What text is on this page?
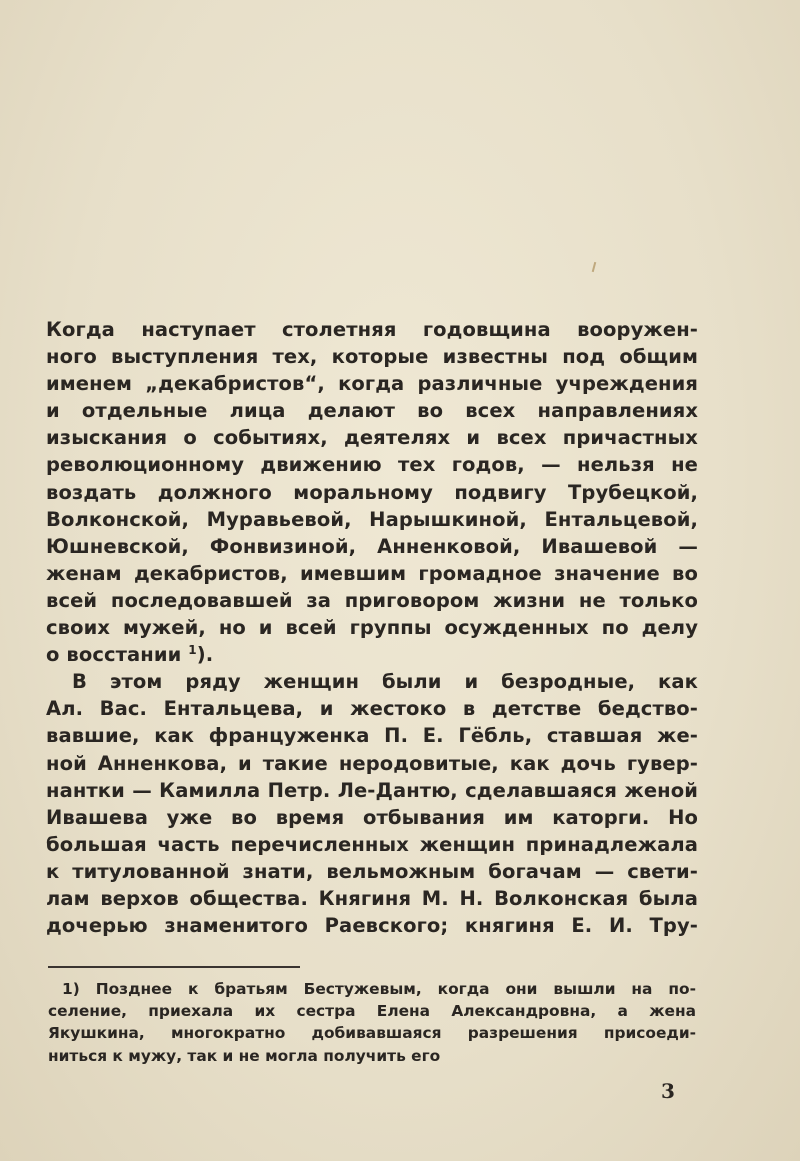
Когда наступает столетняя годовщина вооружен-
ного выступления тех, которые известны под общим
именем „декабристов“, когда различные учреждения
и отдельные лица делают во всех направлениях
изыскания о событиях, деятелях и всех причастных
революционному движению тех годов, — нельзя не
воздать должного моральному подвигу Трубецкой,
Волконской, Муравьевой, Нарышкиной, Ентальцевой,
Юшневской, Фонвизиной, Анненковой, Ивашевой —
женам декабристов, имевшим громадное значение во
всей последовавшей за приговором жизни не только
своих мужей, но и всей группы осужденных по делу
о восстании $^1$).
В этом ряду женщин были и безродные, как
Ал. Вас. Ентальцева, и жестоко в детстве бедство-
вавшие, как француженка П. Е. Гёбль, ставшая же-
ной Анненкова, и такие неродовитые, как дочь гувер-
нантки — Камилла Петр. Ле-Дантю, сделавшаяся женой
Ивашева уже во время отбывания им каторги. Но
большая часть перечисленных женщин принадлежала
к титулованной знати, вельможным богачам — свети-
лам верхов общества. Княгиня М. Н. Волконская была
дочерью знаменитого Раевского; княгиня Е. И. Тру-
1) Позднее к братьям Бестужевым, когда они вышли на по-
селение, приехала их сестра Елена Александровна, а жена
Якушкина, многократно добивавшаяся разрешения присоеди-
ниться к мужу, так и не могла получить его
3
